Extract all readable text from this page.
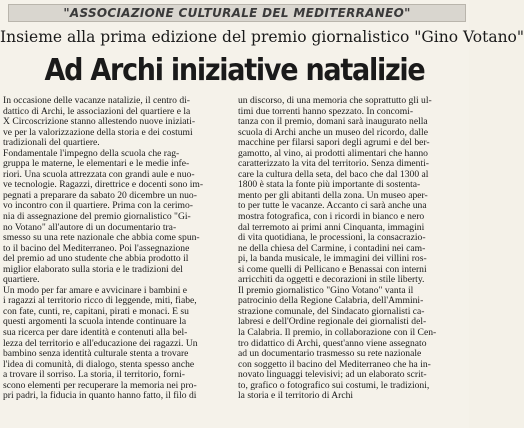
"ASSOCIAZIONE CULTURALE DEL MEDITERRANEO"
Insieme alla prima edizione del premio giornalistico "Gino Votano"
Ad Archi iniziative natalizie
In occasione delle vacanze natalizie, il centro di-
dattico di Archi, le associazioni del quartiere e la
X Circoscrizione stanno allestendo nuove iniziati-
ve per la valorizzazione della storia e dei costumi
tradizionali del quartiere.
Fondamentale l'impegno della scuola che rag-
gruppa le materne, le elementari e le medie infe-
riori. Una scuola attrezzata con grandi aule e nuo-
ve tecnologie. Ragazzi, direttrice e docenti sono im-
pegnati a preparare da sabato 20 dicembre un nuo-
vo incontro con il quartiere. Prima con la cerimo-
nia di assegnazione del premio giornalistico "Gi-
no Votano" all'autore di un documentario tra-
smesso su una rete nazionale che abbia come spun-
to il bacino del Mediterraneo. Poi l'assegnazione
del premio ad uno studente che abbia prodotto il
miglior elaborato sulla storia e le tradizioni del
quartiere.
Un modo per far amare e avvicinare i bambini e
i ragazzi al territorio ricco di leggende, miti, fiabe,
con fate, cunti, re, capitani, pirati e monaci. E su
questi argomenti la scuola intende continuare la
sua ricerca per dare identità e contenuti alla bel-
lezza del territorio e all'educazione dei ragazzi. Un
bambino senza identità culturale stenta a trovare
l'idea di comunità, di dialogo, stenta spesso anche
a trovare il sorriso. La storia, il territorio, forni-
scono elementi per recuperare la memoria nei pro-
pri padri, la fiducia in quanto hanno fatto, il filo di
un discorso, di una memoria che soprattutto gli ul-
timi due torrenti hanno spezzato. In concomi-
tanza con il premio, domani sarà inaugurato nella
scuola di Archi anche un museo del ricordo, dalle
macchine per filarsi sapori degli agrumi e del ber-
gamotto, al vino, ai prodotti alimentari che hanno
caratterizzato la vita del territorio. Senza dimenti-
care la cultura della seta, del baco che dal 1300 al
1800 è stata la fonte più importante di sostenta-
mento per gli abitanti della zona. Un museo aper-
to per tutte le vacanze. Accanto ci sarà anche una
mostra fotografica, con i ricordi in bianco e nero
dal terremoto ai primi anni Cinquanta, immagini
di vita quotidiana, le processioni, la consacrazio-
ne della chiesa del Carmine, i contadini nei cam-
pi, la banda musicale, le immagini dei villini ros-
si come quelli di Pellicano e Benassai con interni
arricchiti da oggetti e decorazioni in stile liberty.
Il premio giornalistico "Gino Votano" vanta il
patrocinio della Regione Calabria, dell'Ammini-
strazione comunale, del Sindacato giornalisti ca-
labresi e dell'Ordine regionale dei giornalisti del-
la Calabria. Il premio, in collaborazione con il Cen-
tro didattico di Archi, quest'anno viene assegnato
ad un documentario trasmesso su rete nazionale
con soggetto il bacino del Mediterraneo che ha in-
novato linguaggi televisivi; ad un elaborato scrit-
to, grafico o fotografico sui costumi, le tradizioni,
la storia e il territorio di Archi
